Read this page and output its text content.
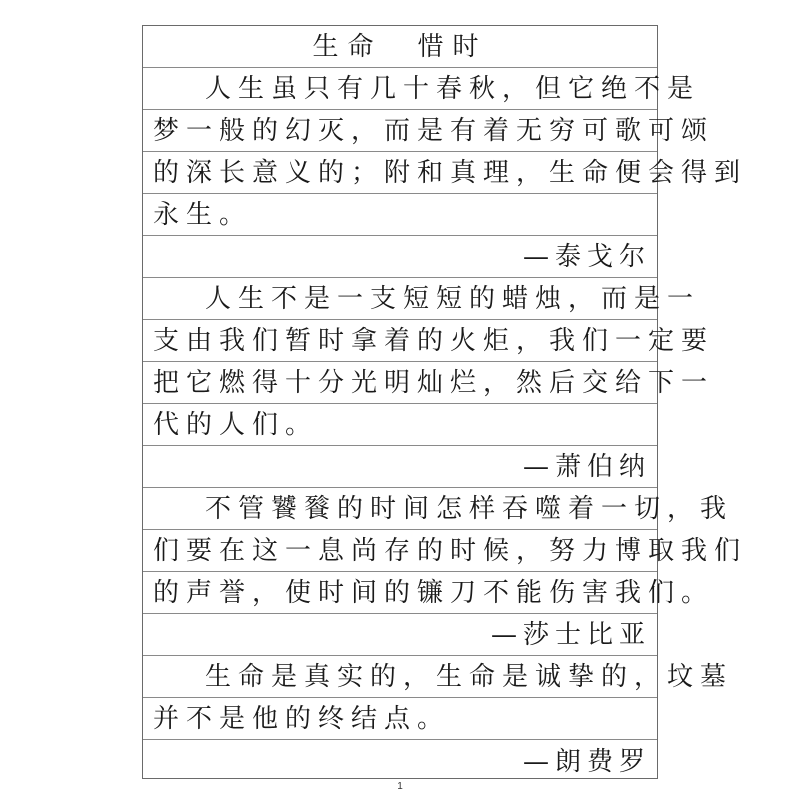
生命　惜时
人生虽只有几十春秋，但它绝不是
梦一般的幻灭，而是有着无穷可歌可颂
的深长意义的；附和真理，生命便会得到
永生。
—泰戈尔
人生不是一支短短的蜡烛，而是一
支由我们暂时拿着的火炬，我们一定要
把它燃得十分光明灿烂，然后交给下一
代的人们。
—萧伯纳
不管饕餮的时间怎样吞噬着一切，我
们要在这一息尚存的时候，努力博取我们
的声誉，使时间的镰刀不能伤害我们。
—莎士比亚
生命是真实的，生命是诚挚的，坟墓
并不是他的终结点。
—朗费罗
1
